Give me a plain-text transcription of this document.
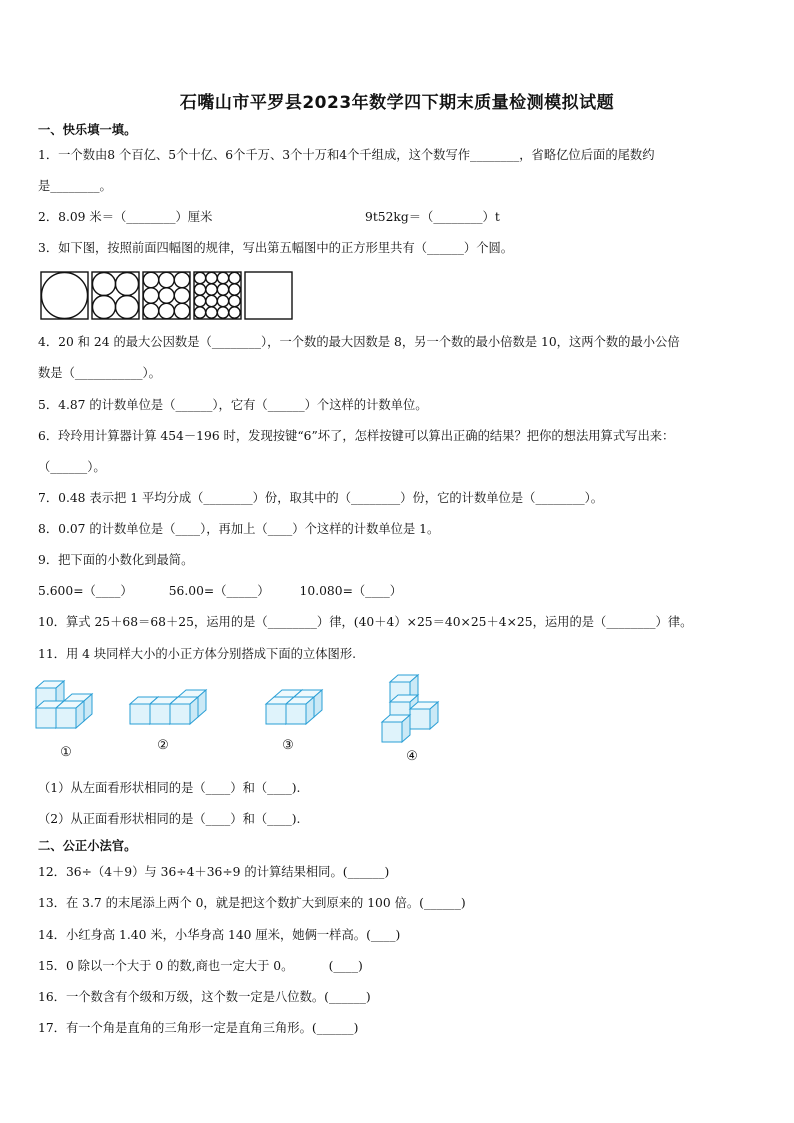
石嘴山市平罗县2023年数学四下期末质量检测模拟试题
一、快乐填一填。
1．一个数由8 个百亿、5个十亿、6个千万、3个十万和4个千组成，这个数写作________，省略亿位后面的尾数约
是________。
2．8.09 米＝（________）厘米	9t52kg＝（________）t
3．如下图，按照前面四幅图的规律，写出第五幅图中的正方形里共有（______）个圆。
4．20 和 24 的最大公因数是（________），一个数的最大因数是 8，另一个数的最小倍数是 10，这两个数的最小公倍
数是（___________）。
5．4.87 的计数单位是（______），它有（______）个这样的计数单位。
6．玲玲用计算器计算 454－196 时，发现按键“6”坏了，怎样按键可以算出正确的结果？把你的想法用算式写出来：
（______）。
7．0.48 表示把 1 平均分成（________）份，取其中的（________）份，它的计数单位是（________）。
8．0.07 的计数单位是（____），再加上（____）个这样的计数单位是 1。
9．把下面的小数化到最简。
5.600=（____）	56.00=（_____） 10.080=（____）
10．算式 25＋68＝68＋25，运用的是（________）律，(40＋4）×25＝40×25＋4×25，运用的是（________）律。
11．用 4 块同样大小的小正方体分别搭成下面的立体图形.
①	②	③
④
（1）从左面看形状相同的是（____）和（____).
（2）从正面看形状相同的是（____）和（____).
二、公正小法官。
12．36÷（4＋9）与 36÷4＋36÷9 的计算结果相同。(______)
13．在 3.7 的末尾添上两个 0，就是把这个数扩大到原来的 100 倍。(______)
14．小红身高 1.40 米，小华身高 140 厘米，她俩一样高。(____)
15．0 除以一个大于 0 的数,商也一定大于 0。         (____)
16．一个数含有个级和万级，这个数一定是八位数。(______)
17．有一个角是直角的三角形一定是直角三角形。(______)
